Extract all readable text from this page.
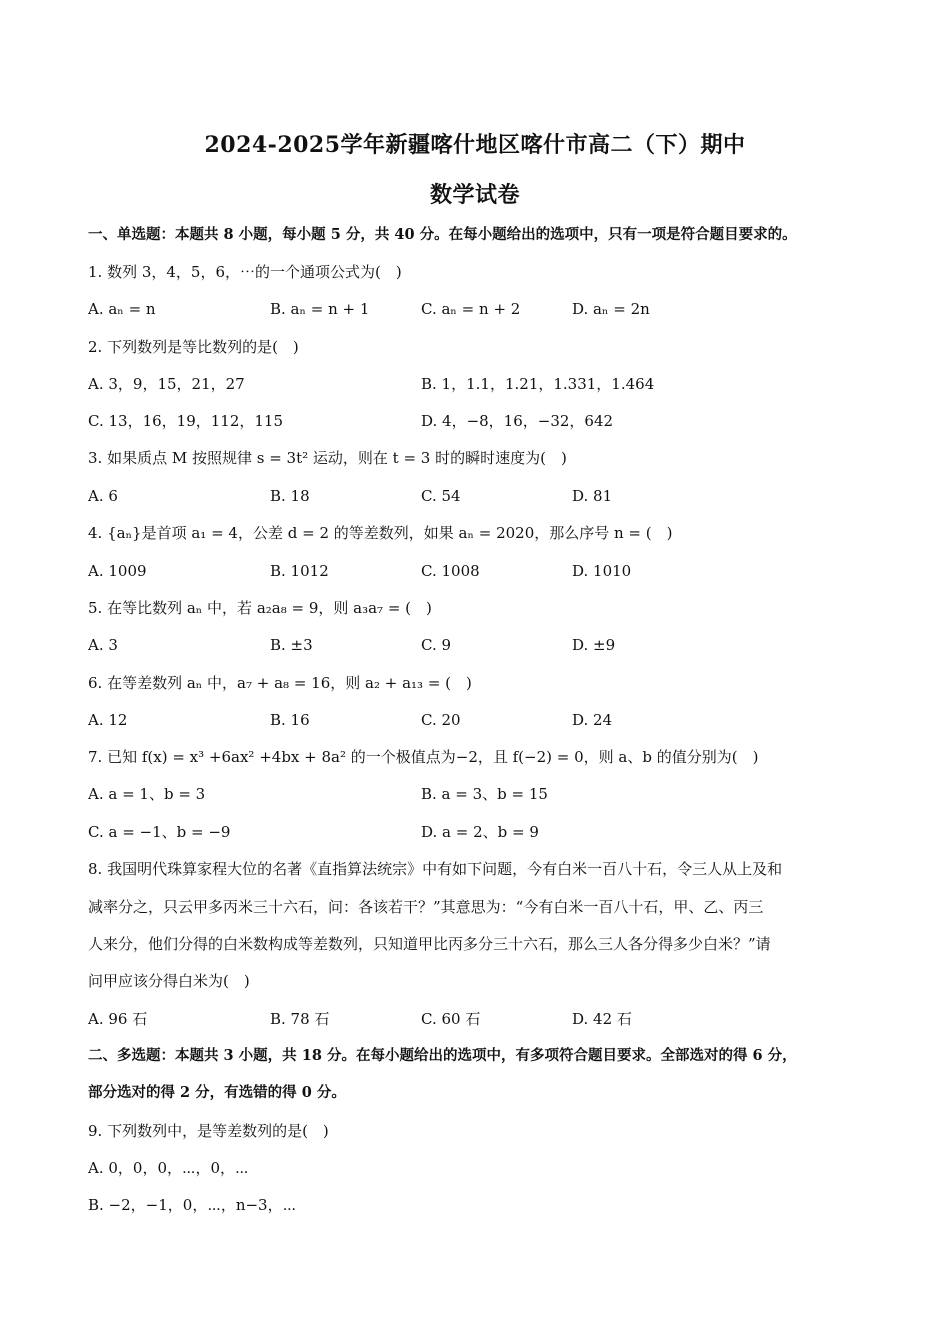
2024-2025学年新疆喀什地区喀什市高二（下）期中
数学试卷
一、单选题：本题共 8 小题，每小题 5 分，共 40 分。在每小题给出的选项中，只有一项是符合题目要求的。
1. 数列 3，4，5，6，⋯的一个通项公式为(　)
A. aₙ = n	B. aₙ = n + 1	C. aₙ = n + 2	D. aₙ = 2n
2. 下列数列是等比数列的是(　)
A. 3，9，15，21，27	B. 1，1.1，1.21，1.331，1.464
C. 13，16，19，112，115	D. 4，−8，16，−32，642
3. 如果质点 M 按照规律 s = 3t² 运动，则在 t = 3 时的瞬时速度为(　)
A. 6	B. 18	C. 54	D. 81
4. {aₙ}是首项 a₁ = 4，公差 d = 2 的等差数列，如果 aₙ = 2020，那么序号 n = (　)
A. 1009	B. 1012	C. 1008	D. 1010
5. 在等比数列 aₙ 中，若 a₂a₈ = 9，则 a₃a₇ = (　)
A. 3	B. ±3	C. 9	D. ±9
6. 在等差数列 aₙ 中，a₇ + a₈ = 16，则 a₂ + a₁₃ = (　)
A. 12	B. 16	C. 20	D. 24
7. 已知 f(x) = x³ +6ax² +4bx + 8a² 的一个极值点为−2，且 f(−2) = 0，则 a、b 的值分别为(　)
A. a = 1、b = 3	B. a = 3、b = 15
C. a = −1、b = −9	D. a = 2、b = 9
8. 我国明代珠算家程大位的名著《直指算法统宗》中有如下问题，今有白米一百八十石，令三人从上及和
减率分之，只云甲多丙米三十六石，问：各该若干？”其意思为：“今有白米一百八十石，甲、乙、丙三
人来分，他们分得的白米数构成等差数列，只知道甲比丙多分三十六石，那么三人各分得多少白米？”请
问甲应该分得白米为(　)
A. 96 石	B. 78 石	C. 60 石	D. 42 石
二、多选题：本题共 3 小题，共 18 分。在每小题给出的选项中，有多项符合题目要求。全部选对的得 6 分，
部分选对的得 2 分，有选错的得 0 分。
9. 下列数列中，是等差数列的是(　)
A. 0，0，0，⋯，0，⋯
B. −2，−1，0，⋯，n−3，⋯
